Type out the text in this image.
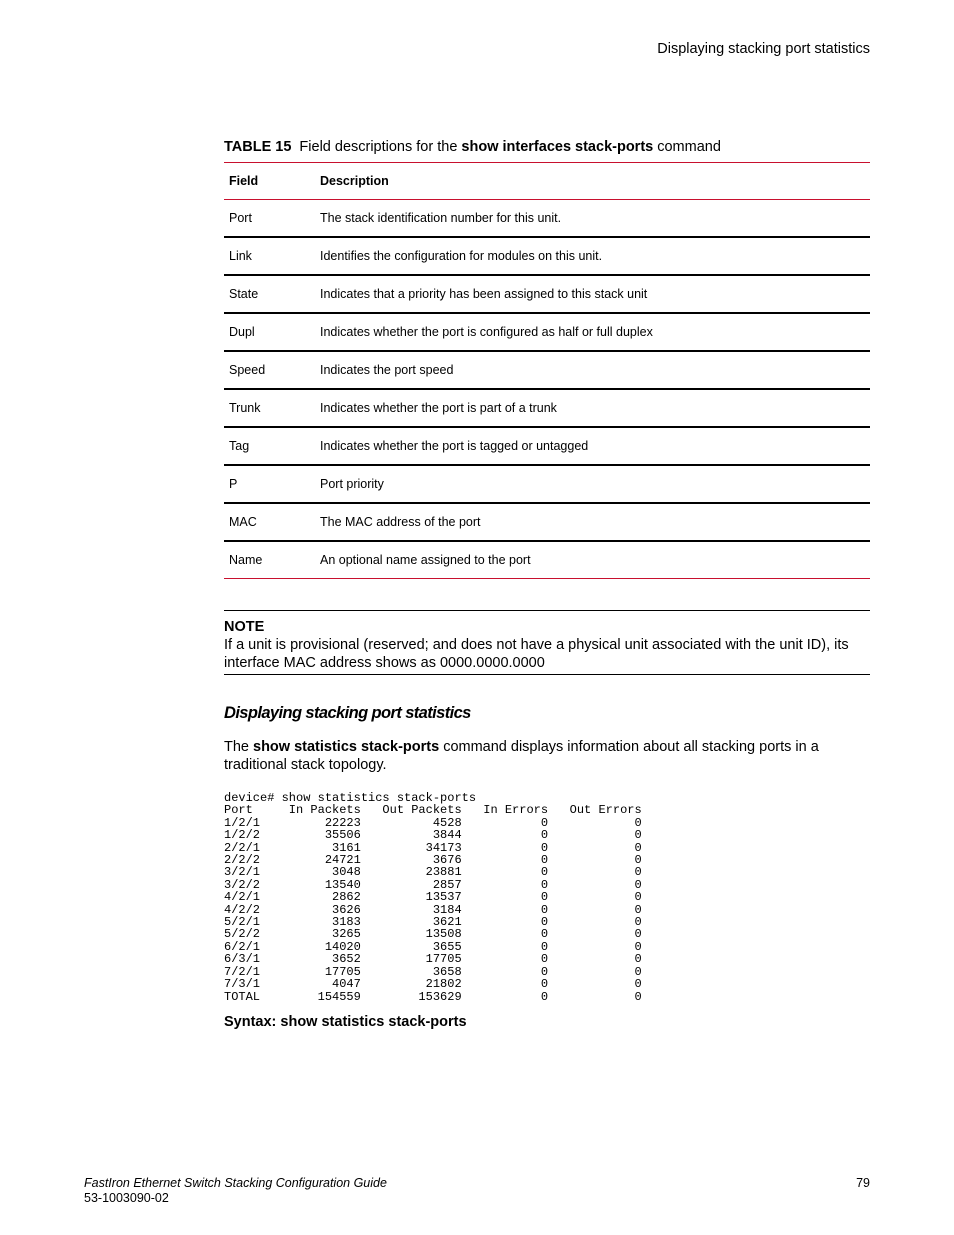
Displaying stacking port statistics

TABLE 15 Field descriptions for the show interfaces stack-ports command

Field	Description
Port	The stack identification number for this unit.
Link	Identifies the configuration for modules on this unit.
State	Indicates that a priority has been assigned to this stack unit
Dupl	Indicates whether the port is configured as half or full duplex
Speed	Indicates the port speed
Trunk	Indicates whether the port is part of a trunk
Tag	Indicates whether the port is tagged or untagged
P	Port priority
MAC	The MAC address of the port
Name	An optional name assigned to the port
NOTE
If a unit is provisional (reserved; and does not have a physical unit associated with the unit ID), its interface MAC address shows as 0000.0000.0000
Displaying stacking port statistics

The show statistics stack-ports command displays information about all stacking ports in a traditional stack topology.

device# show statistics stack-ports
Port     In Packets   Out Packets   In Errors   Out Errors
1/2/1         22223          4528           0            0
1/2/2         35506          3844           0            0
2/2/1          3161         34173           0            0
2/2/2         24721          3676           0            0
3/2/1          3048         23881           0            0
3/2/2         13540          2857           0            0
4/2/1          2862         13537           0            0
4/2/2          3626          3184           0            0
5/2/1          3183          3621           0            0
5/2/2          3265         13508           0            0
6/2/1         14020          3655           0            0
6/3/1          3652         17705           0            0
7/2/1         17705          3658           0            0
7/3/1          4047         21802           0            0
TOTAL        154559        153629           0            0
Syntax: show statistics stack-ports
FastIron Ethernet Switch Stacking Configuration Guide
53-1003090-02
79
